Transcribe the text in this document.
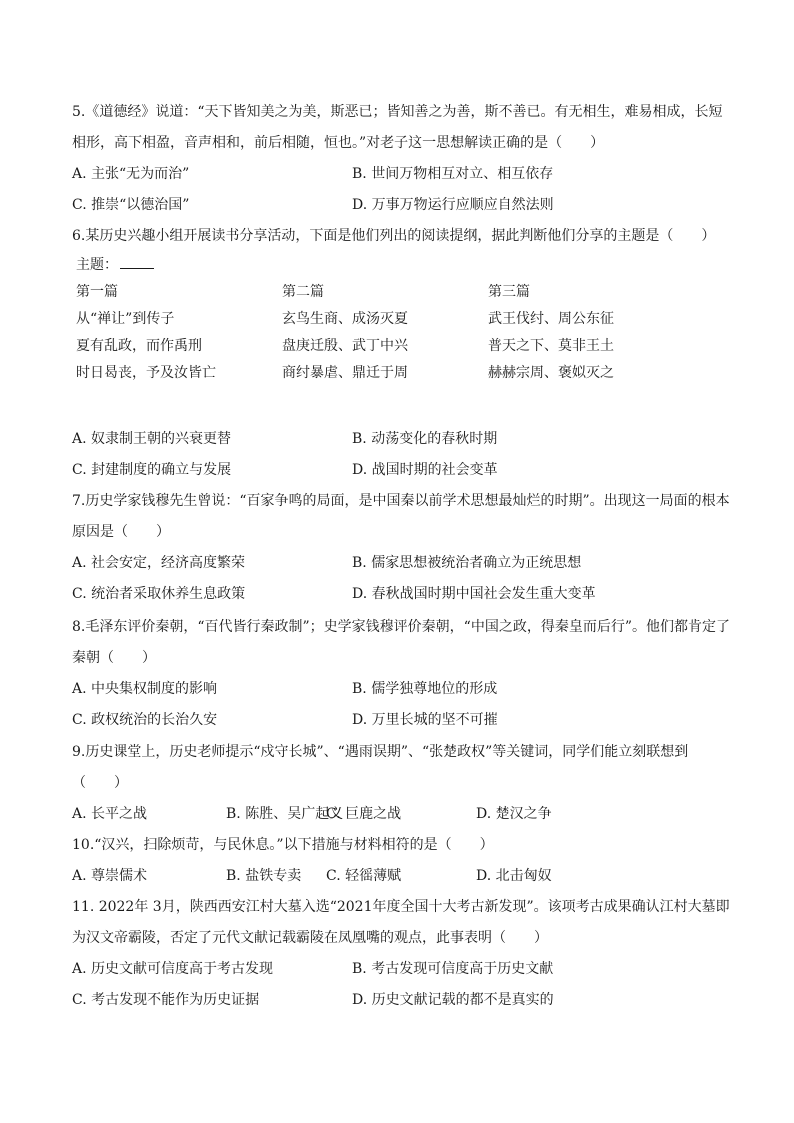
5.《道德经》说道：“天下皆知美之为美，斯恶已；皆知善之为善，斯不善已。有无相生，难易相成，长短相形，高下相盈，音声相和，前后相随，恒也。”对老子这一思想解读正确的是（　　）
A. 主张“无为而治”	B. 世间万物相互对立、相互依存
C. 推崇“以德治国”	D. 万事万物运行应顺应自然法则
6.某历史兴趣小组开展读书分享活动，下面是他们列出的阅读提纲，据此判断他们分享的主题是（　　）
主题：
第一篇	第二篇	第三篇
从“禅让”到传子	玄鸟生商、成汤灭夏	武王伐纣、周公东征
夏有乱政，而作禹刑	盘庚迁殷、武丁中兴	普天之下、莫非王土
时日曷丧，予及汝皆亡	商纣暴虐、鼎迁于周	赫赫宗周、褒姒灭之
A. 奴隶制王朝的兴衰更替	B. 动荡变化的春秋时期
C. 封建制度的确立与发展	D. 战国时期的社会变革
7.历史学家钱穆先生曾说：“百家争鸣的局面，是中国秦以前学术思想最灿烂的时期”。出现这一局面的根本原因是（　　）
A. 社会安定，经济高度繁荣	B. 儒家思想被统治者确立为正统思想
C. 统治者采取休养生息政策	D. 春秋战国时期中国社会发生重大变革
8.毛泽东评价秦朝，“百代皆行秦政制”；史学家钱穆评价秦朝，“中国之政，得秦皇而后行”。他们都肯定了秦朝（　　）
A. 中央集权制度的影响	B. 儒学独尊地位的形成
C. 政权统治的长治久安	D. 万里长城的坚不可摧
9.历史课堂上，历史老师提示“戍守长城”、“遇雨误期”、“张楚政权”等关键词，同学们能立刻联想到（　　）
A. 长平之战	B. 陈胜、吴广起义
C. 巨鹿之战	D. 楚汉之争
10.“汉兴，扫除烦苛，与民休息。”以下措施与材料相符的是（　　）
A. 尊崇儒术	B. 盐铁专卖 C. 轻徭薄赋	D. 北击匈奴
11. 2022年 3月，陕西西安江村大墓入选“2021年度全国十大考古新发现”。该项考古成果确认江村大墓即为汉文帝霸陵，否定了元代文献记载霸陵在凤凰嘴的观点，此事表明（　　）
A. 历史文献可信度高于考古发现	B. 考古发现可信度高于历史文献
C. 考古发现不能作为历史证据	D. 历史文献记载的都不是真实的
